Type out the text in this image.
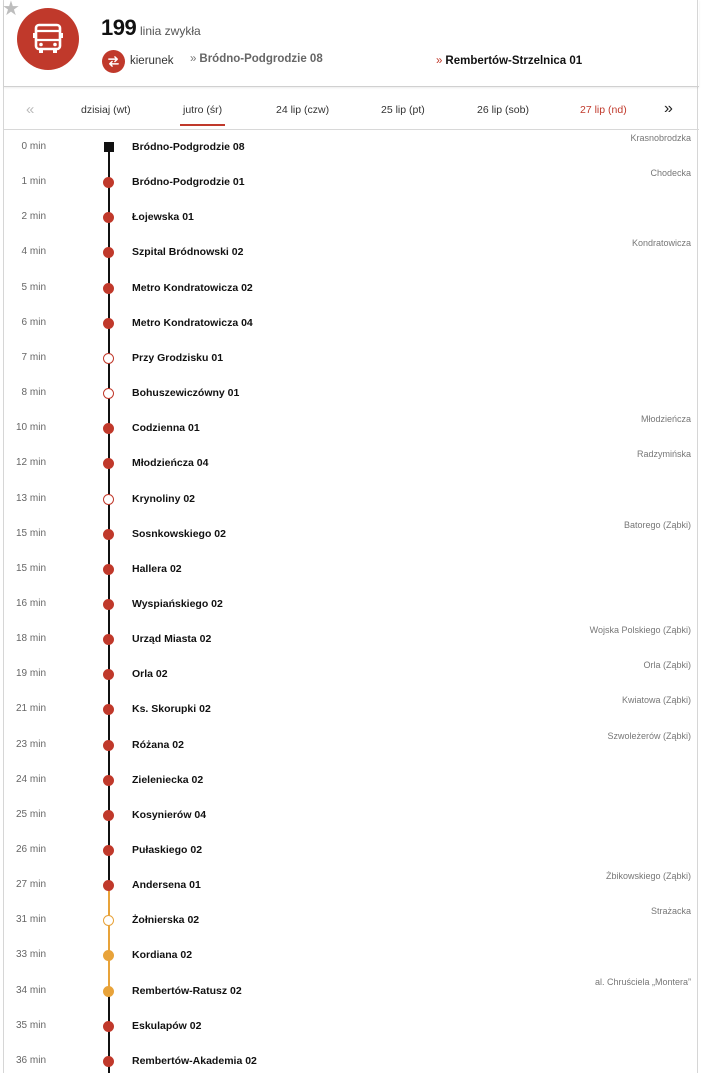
199 linia zwykła
kierunek » Bródno-Podgrodzie 08	» Rembertów-Strzelnica 01
«	dzisiaj (wt)	jutro (śr)	24 lip (czw)	25 lip (pt)	26 lip (sob)	27 lip (nd) »
0 min	Bródno-Podgrodzie 08
Krasnobrodzka
1 min	Bródno-Podgrodzie 01
Chodecka
2 min	Łojewska 01
4 min	Szpital Bródnowski 02
Kondratowicza
5 min	Metro Kondratowicza 02
6 min	Metro Kondratowicza 04
7 min	Przy Grodzisku 01
8 min	Bohuszewiczówny 01
10 min	Codzienna 01
Młodzieńcza
12 min	Młodzieńcza 04
Radzymińska
13 min	Krynoliny 02
15 min	Sosnkowskiego 02
Batorego (Ząbki)
15 min	Hallera 02
16 min	Wyspiańskiego 02
18 min	Urząd Miasta 02
Wojska Polskiego (Ząbki)
19 min	Orla 02
Orla (Ząbki)
21 min	Ks. Skorupki 02
Kwiatowa (Ząbki)
23 min	Różana 02
Szwoleżerów (Ząbki)
24 min	Zieleniecka 02
25 min	Kosynierów 04
26 min	Pułaskiego 02
27 min	Andersena 01
Żbikowskiego (Ząbki)
31 min	Żołnierska 02
Strażacka
33 min	Kordiana 02
34 min	Rembertów-Ratusz 02
al. Chruściela „Montera”
35 min	Eskulapów 02
36 min	Rembertów-Akademia 02
★
